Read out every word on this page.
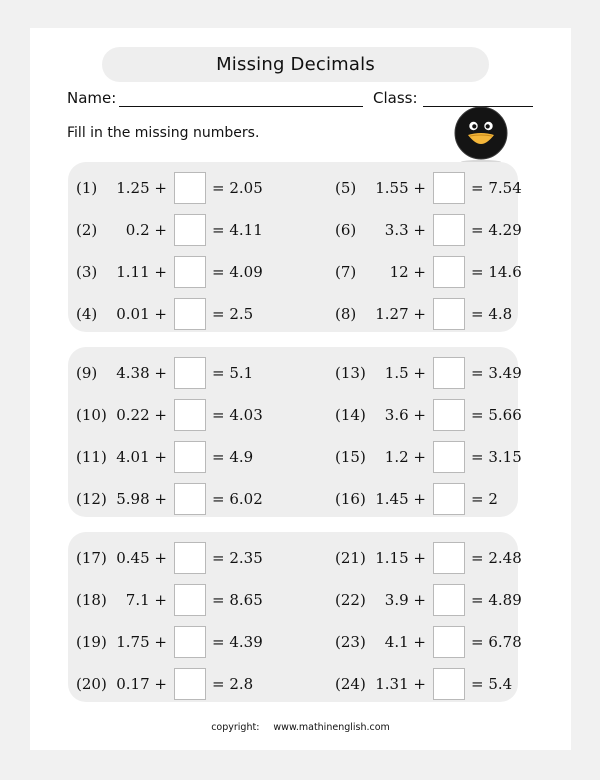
Missing Decimals
Name:	Class:
Fill in the missing numbers.
(1) 1.25 +	= 2.05
(2) 0.2 +	= 4.11
(3) 1.11 +	= 4.09
(4) 0.01 +	= 2.5
(5) 1.55 +	= 7.54
(6) 3.3 +	= 4.29
(7) 12 +	= 14.6
(8) 1.27 +	= 4.8
(9) 4.38 +	= 5.1
(10) 0.22 +	= 4.03
(11) 4.01 +	= 4.9
(12) 5.98 +	= 6.02
(13) 1.5 +	= 3.49
(14) 3.6 +	= 5.66
(15) 1.2 +	= 3.15
(16) 1.45 +	= 2
(17) 0.45 +	= 2.35
(18) 7.1 +	= 8.65
(19) 1.75 +	= 4.39
(20) 0.17 +	= 2.8
(21) 1.15 +	= 2.48
(22) 3.9 +	= 4.89
(23) 4.1 +	= 6.78
(24) 1.31 +	= 5.4
copyright: www.mathinenglish.com
